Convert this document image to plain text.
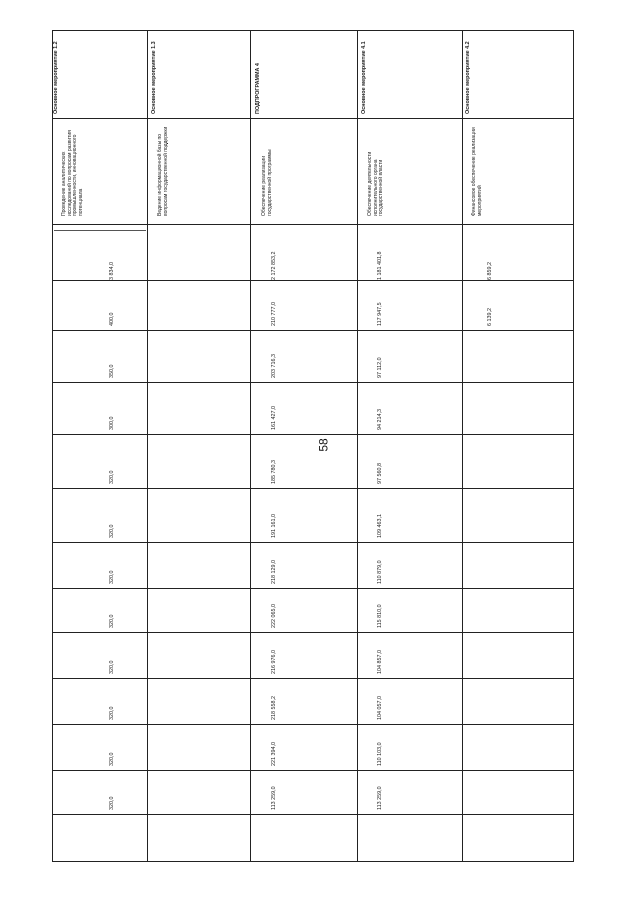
58
Основное мероприятие 1.2
Проведение аналитических исследований по вопросам развития промышленности, инновационного потенциала
3 834,0
400,0
350,0
300,0
320,0
320,0
320,0
320,0
320,0
320,0
320,0
320,0
Основное мероприятие 1.3
Ведение информационной базы по вопросам государственной поддержки
ПОДПРОГРАММА 4
Обеспечение реализации государственной программы
2 172 853,2
210 777,0
203 716,3
161 427,0
185 780,3
191 161,0
218 129,0
222 065,0
216 976,0
218 558,2
221 394,0
113 259,0
Основное мероприятие 4.1
Обеспечение деятельности исполнительного органа государственной власти
1 181 401,8
117 947,5
97 112,0
94 214,3
97 560,8
109 463,1
110 879,0
115 810,0
104 857,0
104 057,0
110 103,0
113 259,0
Основное мероприятие 4.2
Финансовое обеспечение реализации мероприятий
6 859,2
6 139,2
